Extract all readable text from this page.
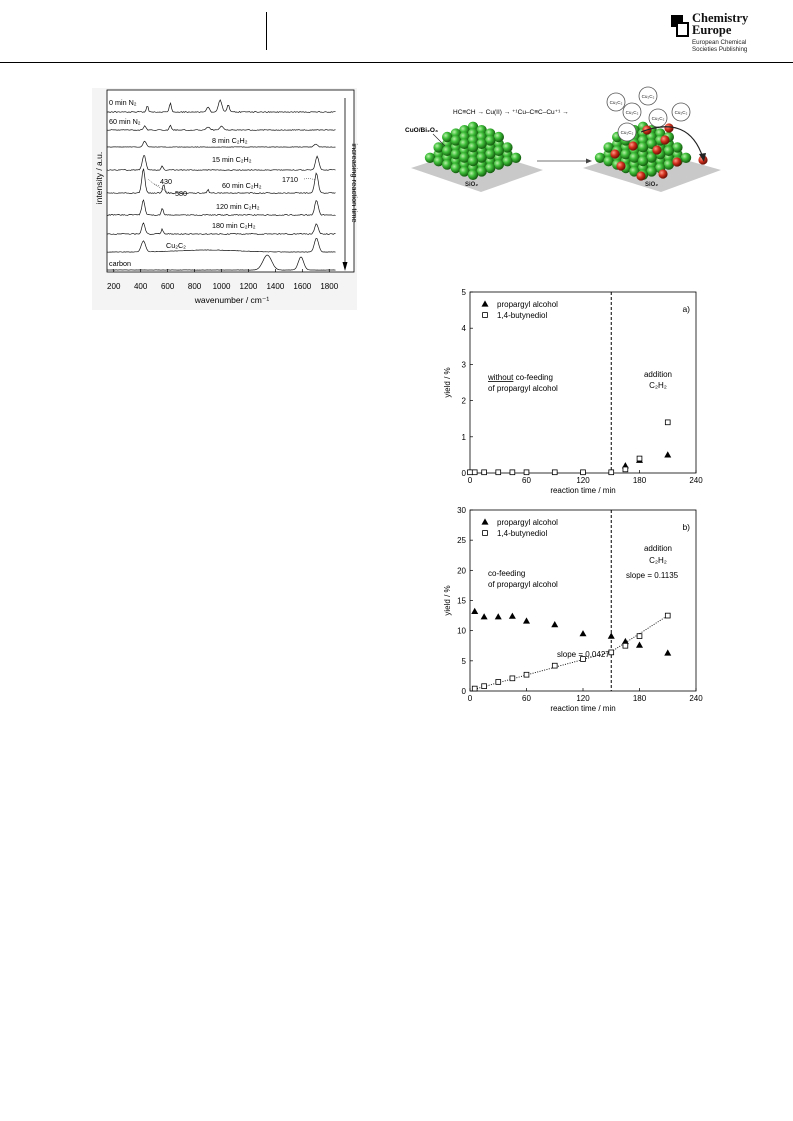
Chemistry
Europe
European Chemical
Societies Publishing
0 min N₂
60 min N₂
8 min C₂H₂
15 min C₂H₂
60 min C₂H₂
120 min C₂H₂
180 min C₂H₂
Cu₂C₂
carbon
430
580
1710
200 400 600 800 1000 1200 1400 1600 1800
intensity / a.u.
wavenumber / cm⁻¹
increasing reaction time
HC≡CH → Cu(II) → ⁺¹Cu–C≡C–Cu⁺¹ →
CuO/Bi₂O₃
SiO₂	SiO₂
Cu₂C₂
Cu₂C₂
Cu₂C₂
Cu₂C₂
Cu₂C₂
Cu₂C₂
0	60	120	180	240
0
1
2
3
4
5
reaction time / min
yield / %
propargyl alcohol
1,4-butynediol
a)
without co-feeding
of propargyl alcohol
addition
C₂H₂
0	60	120	180	240
0
5
10
15
20
25
30
reaction time / min
yield / %
propargyl alcohol
1,4-butynediol
b)
co-feeding
of propargyl alcohol
addition
C₂H₂
slope = 0.0427
slope = 0.1135
